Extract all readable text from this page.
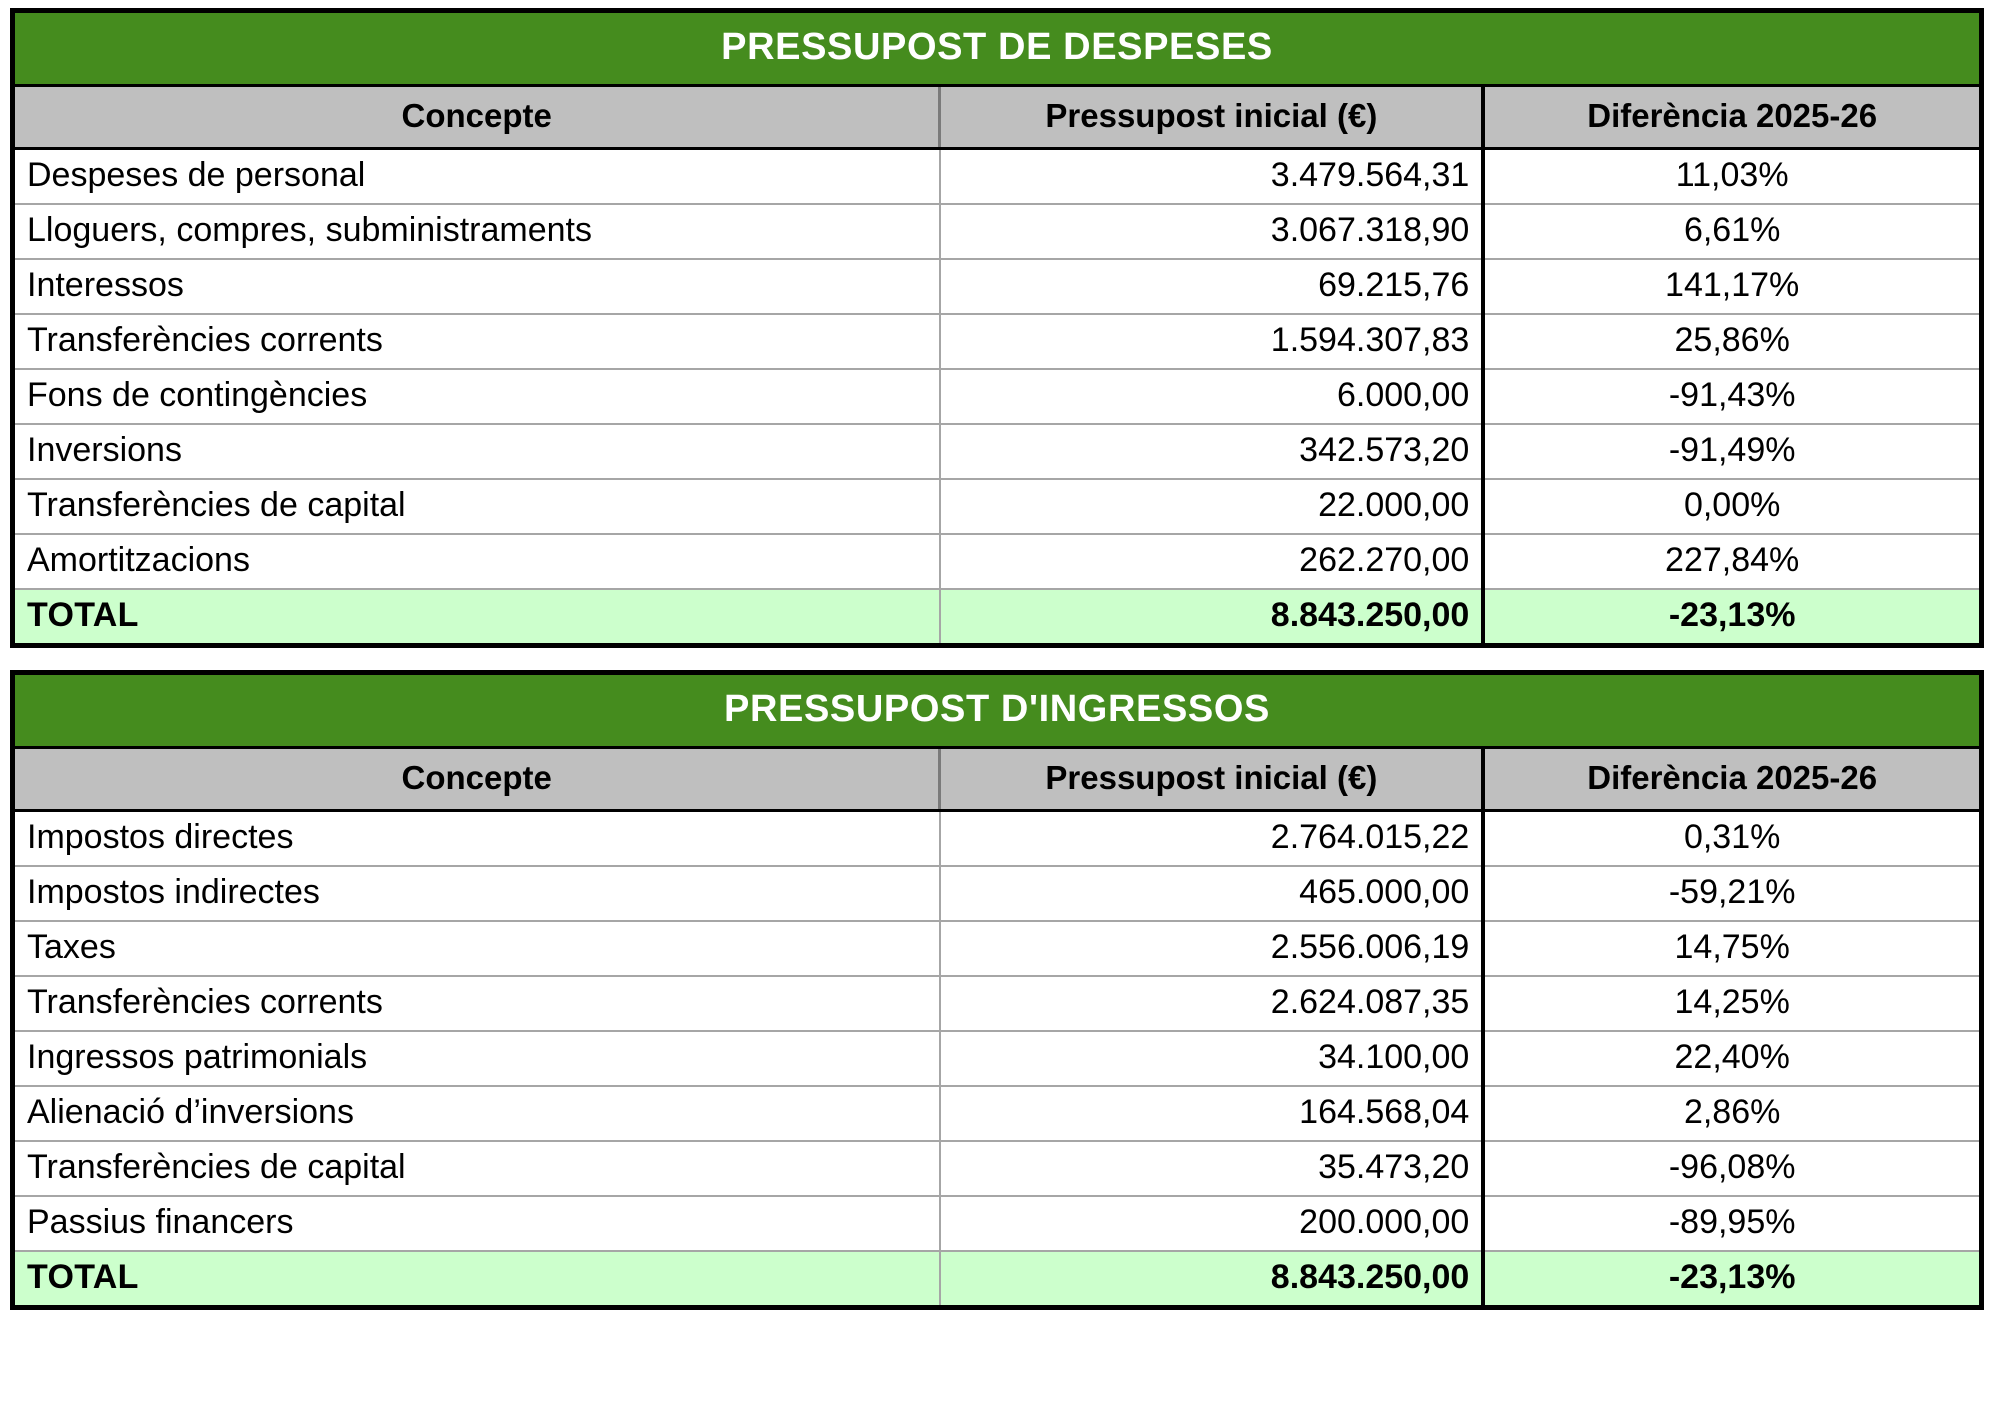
PRESSUPOST DE DESPESES		
Concepte	Pressupost inicial (€)	Diferència 2025-26
Despeses de personal	3.479.564,31	11,03%
Lloguers, compres, subministraments	3.067.318,90	6,61%
Interessos	69.215,76	141,17%
Transferències corrents	1.594.307,83	25,86%
Fons de contingències	6.000,00	-91,43%
Inversions	342.573,20	-91,49%
Transferències de capital	22.000,00	0,00%
Amortitzacions	262.270,00	227,84%
TOTAL	8.843.250,00	-23,13%
PRESSUPOST D'INGRESSOS		
Concepte	Pressupost inicial (€)	Diferència 2025-26
Impostos directes	2.764.015,22	0,31%
Impostos indirectes	465.000,00	-59,21%
Taxes	2.556.006,19	14,75%
Transferències corrents	2.624.087,35	14,25%
Ingressos patrimonials	34.100,00	22,40%
Alienació d’inversions	164.568,04	2,86%
Transferències de capital	35.473,20	-96,08%
Passius financers	200.000,00	-89,95%
TOTAL	8.843.250,00	-23,13%
